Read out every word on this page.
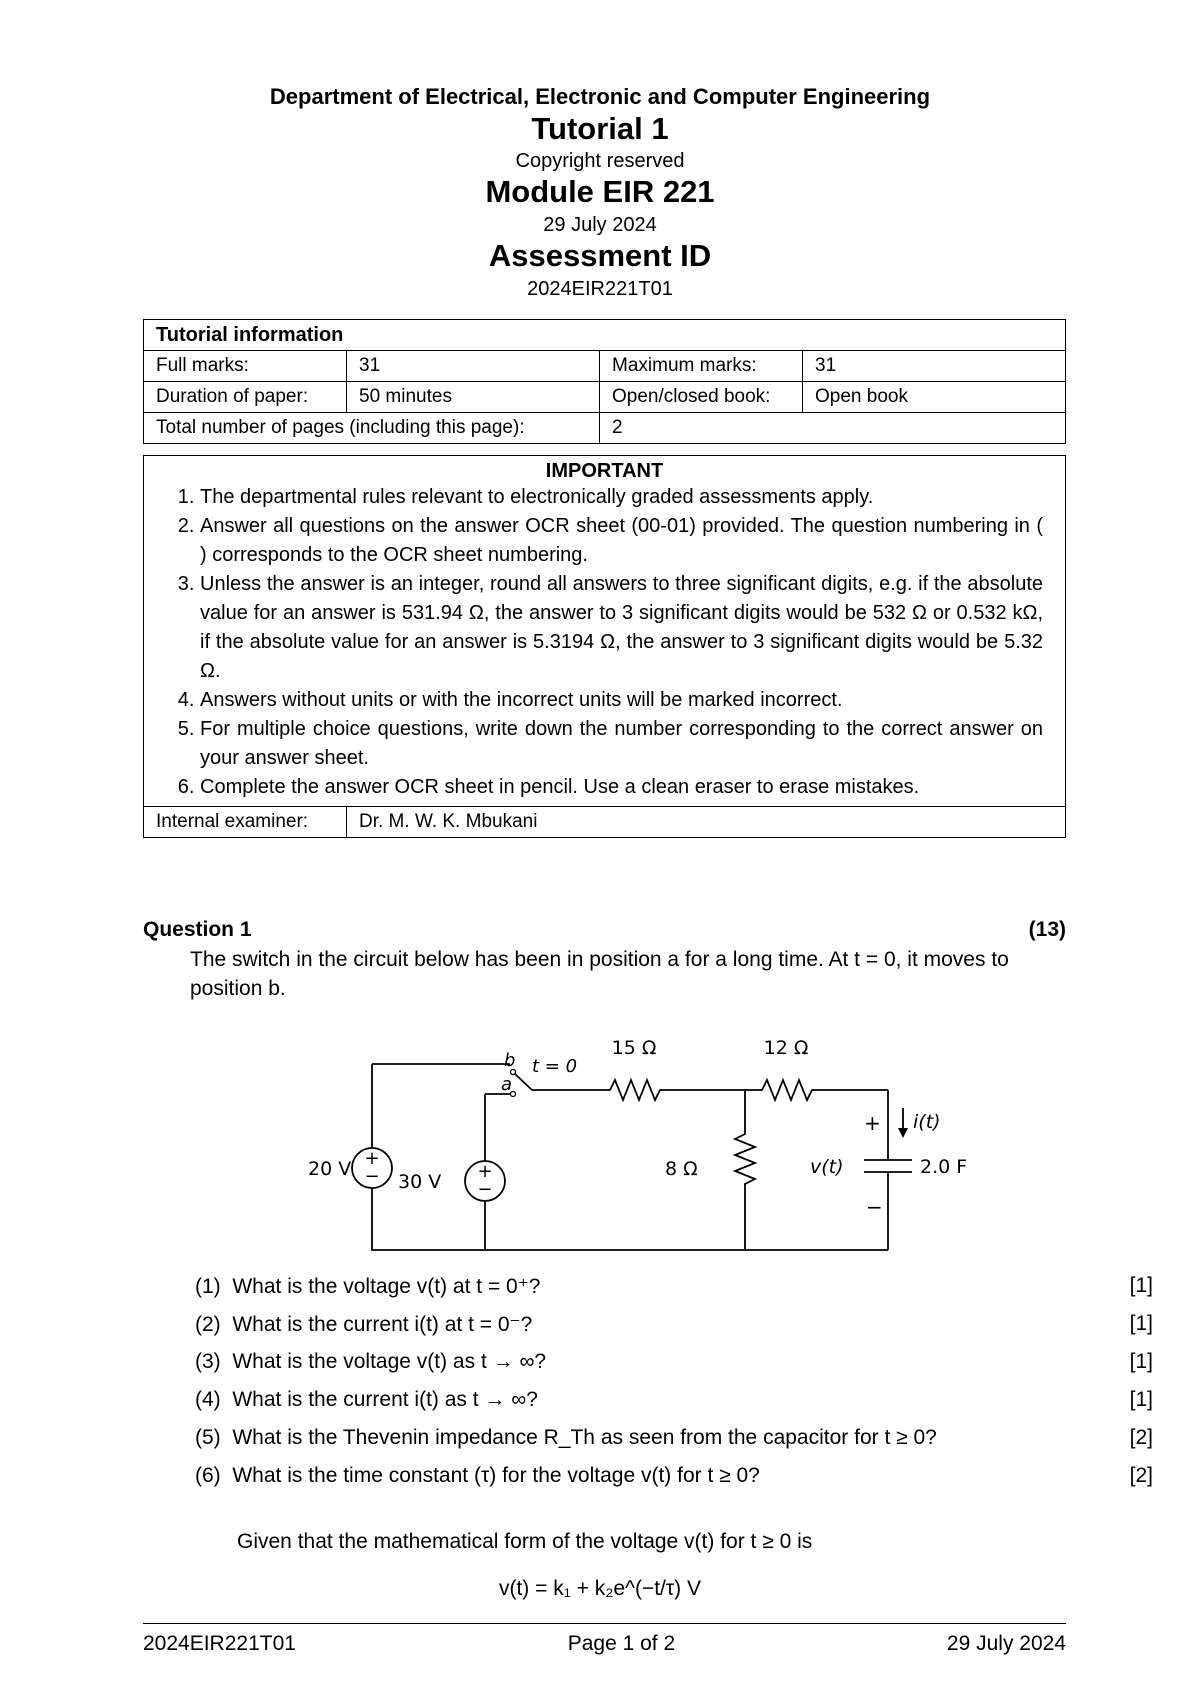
Department of Electrical, Electronic and Computer Engineering
Tutorial 1
Copyright reserved
Module EIR 221
29 July 2024
Assessment ID
2024EIR221T01
Tutorial information			
Full marks:	31	Maximum marks:	31
Duration of paper:	50 minutes	Open/closed book:	Open book
Total number of pages (including this page):		2	
IMPORTANT
1. The departmental rules relevant to electronically graded assessments apply.
2. Answer all questions on the answer OCR sheet (00-01) provided. The question numbering in ( ) corresponds to the OCR sheet numbering.
3. Unless the answer is an integer, round all answers to three significant digits, e.g. if the absolute value for an answer is 531.94 Ω, the answer to 3 significant digits would be 532 Ω or 0.532 kΩ, if the absolute value for an answer is 5.3194 Ω, the answer to 3 significant digits would be 5.32 Ω.
4. Answers without units or with the incorrect units will be marked incorrect.
5. For multiple choice questions, write down the number corresponding to the correct answer on your answer sheet.
6. Complete the answer OCR sheet in pencil. Use a clean eraser to erase mistakes.
Internal examiner:	Dr. M. W. K. Mbukani
Question 1	(13)
The switch in the circuit below has been in position a for a long time. At t = 0, it moves to position b.
+
−	+
−
20 V
30 V
b
a
t = 0
15 Ω	12 Ω
8 Ω	v(t)	2.0 F
i(t)
+
−
(1) What is the voltage v(t) at t = 0⁺?	[1]
(2) What is the current i(t) at t = 0⁻?	[1]
(3) What is the voltage v(t) as t → ∞?	[1]
(4) What is the current i(t) as t → ∞?	[1]
(5) What is the Thevenin impedance R_Th as seen from the capacitor for t ≥ 0?	[2]
(6) What is the time constant (τ) for the voltage v(t) for t ≥ 0?	[2]
Given that the mathematical form of the voltage v(t) for t ≥ 0 is
v(t) = k₁ + k₂e^(−t/τ) V
2024EIR221T01	Page 1 of 2	29 July 2024
